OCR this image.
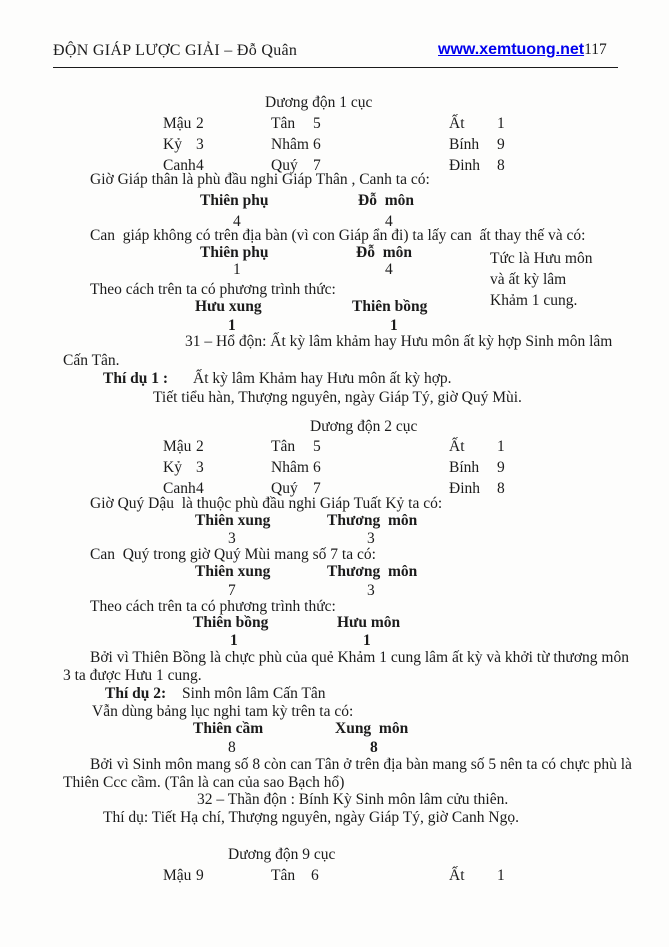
ĐỘN GIÁP LƯỢC GIẢI – Đỗ Quân	www.xemtuong.net117
Dương độn 1 cục

Mậu 2	Tân 5	Ất 1

Kỷ 3	Nhâm 6	Bính 9

Canh 4	Quý 7	Đinh 8

Giờ Giáp thân là phù đầu nghi Giáp Thân , Canh ta có:

Thiên phụ	Đỗ  môn

4	4

Can  giáp không có trên địa bàn (vì con Giáp ẩn đi) ta lấy can  ất thay thế và có:

Thiên phụ	Đỗ  môn

1	4

Tức là Hưu môn
và ất kỳ lâm
Khảm 1 cung.
Theo cách trên ta có phương trình thức:

Hưu xung	Thiên bồng

1	1

31 – Hổ độn: Ất kỳ lâm khảm hay Hưu môn ất kỳ hợp Sinh môn lâm
Cấn Tân.

Thí dụ 1 : Ất kỳ lâm Khảm hay Hưu môn ất kỳ hợp.

Tiết tiểu hàn, Thượng nguyên, ngày Giáp Tý, giờ Quý Mùi.
Dương độn 2 cục

Mậu 2	Tân 5	Ất 1

Kỷ 3	Nhâm 6	Bính 9

Canh 4	Quý 7	Đinh 8

Giờ Quý Dậu  là thuộc phù đầu nghi Giáp Tuất Kỷ ta có:

Thiên xung	Thương  môn

3	3

Can  Quý trong giờ Quý Mùi mang số 7 ta có:

Thiên xung	Thương  môn

7	3

Theo cách trên ta có phương trình thức:

Thiên bồng	Hưu môn

1	1

Bởi vì Thiên Bồng là chực phù của quẻ Khảm 1 cung lâm ất kỳ và khởi từ thương môn
3 ta được Hưu 1 cung.

Thí dụ 2: Sinh môn lâm Cấn Tân

Vẫn dùng bảng lục nghi tam kỳ trên ta có:

Thiên cầm	Xung  môn

8	8

Bởi vì Sinh môn mang số 8 còn can Tân ở trên địa bàn mang số 5 nên ta có chực phù là
Thiên Ccc cầm. (Tân là can của sao Bạch hổ)
32 – Thần độn : Bính Kỳ Sinh môn lâm cửu thiên.
Thí dụ: Tiết Hạ chí, Thượng nguyên, ngày Giáp Tý, giờ Canh Ngọ.
Dương độn 9 cục

Mậu 9	Tân 6	Ất 1
